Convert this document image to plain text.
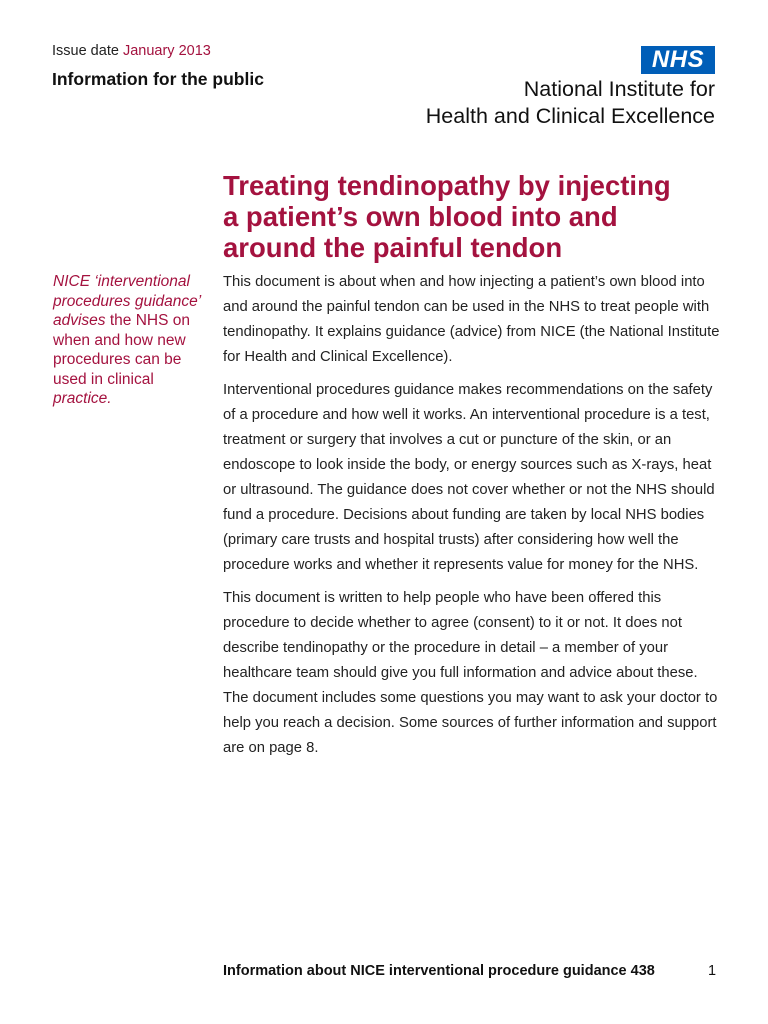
Issue date January 2013
Information for the public
NHS
National Institute for
Health and Clinical Excellence
Treating tendinopathy by injecting
a patient’s own blood into and
around the painful tendon
NICE ‘interventional procedures guidance’ advises the NHS on when and how new procedures can be used in clinical practice.

This document is about when and how injecting a patient’s own blood into and around the painful tendon can be used in the NHS to treat people with tendinopathy. It explains guidance (advice) from NICE (the National Institute for Health and Clinical Excellence).

Interventional procedures guidance makes recommendations on the safety of a procedure and how well it works. An interventional procedure is a test, treatment or surgery that involves a cut or puncture of the skin, or an endoscope to look inside the body, or energy sources such as X-rays, heat or ultrasound. The guidance does not cover whether or not the NHS should fund a procedure. Decisions about funding are taken by local NHS bodies (primary care trusts and hospital trusts) after considering how well the procedure works and whether it represents value for money for the NHS.

This document is written to help people who have been offered this procedure to decide whether to agree (consent) to it or not. It does not describe tendinopathy or the procedure in detail – a member of your healthcare team should give you full information and advice about these. The document includes some questions you may want to ask your doctor to help you reach a decision. Some sources of further information and support are on page 8.

Information about NICE interventional procedure guidance 438	1
